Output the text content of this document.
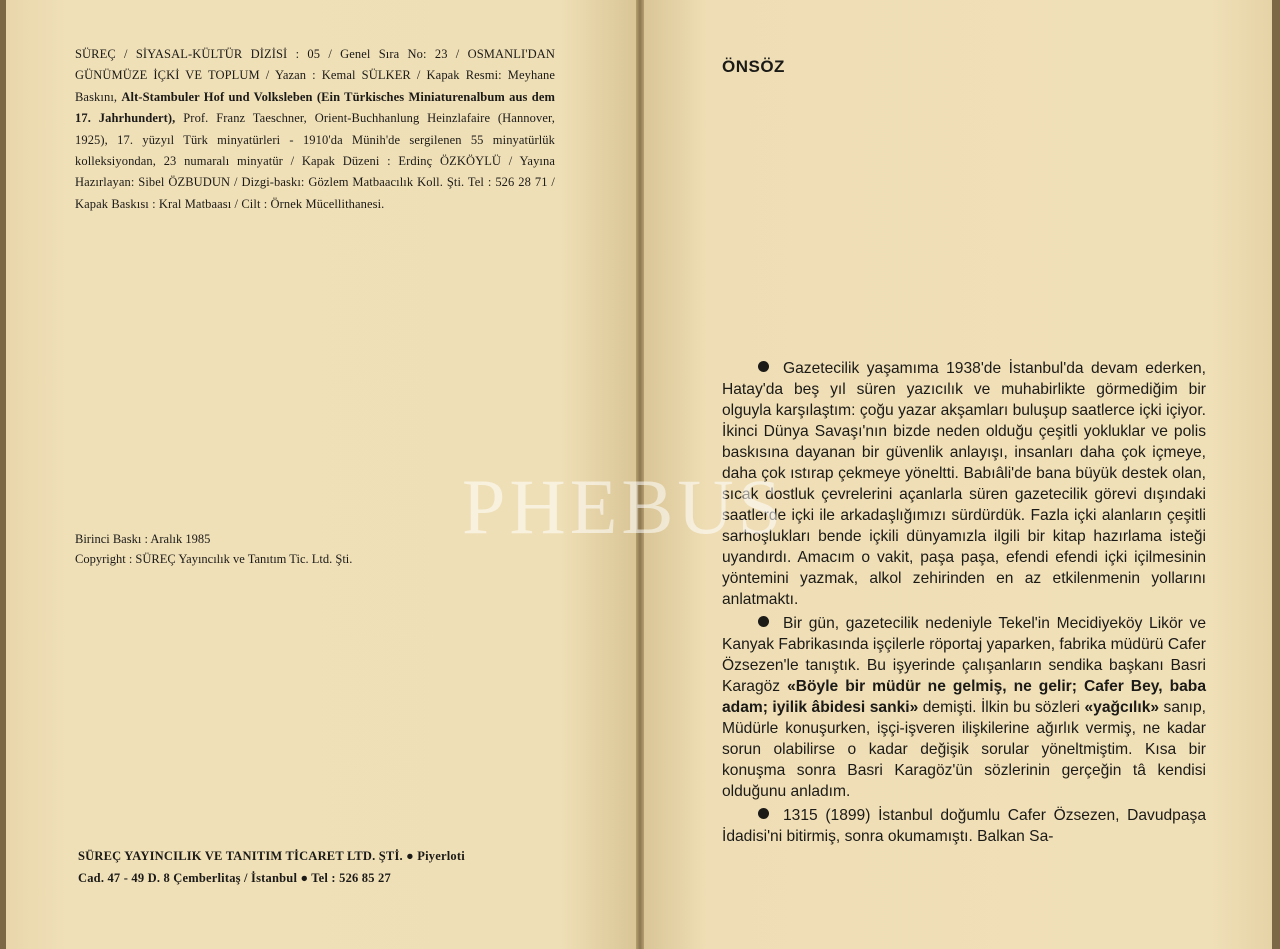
SÜREÇ / SİYASAL-KÜLTÜR DİZİSİ : 05 / Genel Sıra No: 23 / OSMANLI'DAN GÜNÜMÜZE İÇKİ VE TOPLUM / Yazan : Kemal SÜLKER / Kapak Resmi: Meyhane Baskını, Alt-Stambuler Hof und Volksleben (Ein Türkisches Miniaturenalbum aus dem 17. Jahrhundert), Prof. Franz Taeschner, Orient-Buchhanlung Heinzlafaire (Hannover, 1925), 17. yüzyıl Türk minyatürleri - 1910'da Münih'de sergilenen 55 minyatürlük kolleksiyondan, 23 numaralı minyatür / Kapak Düzeni : Erdinç ÖZKÖYLÜ / Yayına Hazırlayan: Sibel ÖZBUDUN / Dizgi-baskı: Gözlem Matbaacılık Koll. Şti. Tel : 526 28 71 / Kapak Baskısı : Kral Matbaası / Cilt : Örnek Mücellithanesi.
Birinci Baskı : Aralık 1985
Copyright : SÜREÇ Yayıncılık ve Tanıtım Tic. Ltd. Şti.
SÜREÇ YAYINCILIK VE TANITIM TİCARET LTD. ŞTİ. ● Piyerloti
Cad. 47 - 49 D. 8 Çemberlitaş / İstanbul ● Tel : 526 85 27
ÖNSÖZ

Gazetecilik yaşamıma 1938'de İstanbul'da devam ederken, Hatay'da beş yıl süren yazıcılık ve muhabirlikte görmediğim bir olguyla karşılaştım: çoğu yazar akşamları buluşup saatlerce içki içiyor. İkinci Dünya Savaşı'nın bizde neden olduğu çeşitli yokluklar ve polis baskısına dayanan bir güvenlik anlayışı, insanları daha çok içmeye, daha çok ıstırap çekmeye yöneltti. Babıâli'de bana büyük destek olan, sıcak dostluk çevrelerini açanlarla süren gazetecilik görevi dışındaki saatlerde içki ile arkadaşlığımızı sürdürdük. Fazla içki alanların çeşitli sarhoşlukları bende içkili dünyamızla ilgili bir kitap hazırlama isteği uyandırdı. Amacım o vakit, paşa paşa, efendi efendi içki içilmesinin yöntemini yazmak, alkol zehirinden en az etkilenmenin yollarını anlatmaktı.

Bir gün, gazetecilik nedeniyle Tekel'in Mecidiyeköy Likör ve Kanyak Fabrikasında işçilerle röportaj yaparken, fabrika müdürü Cafer Özsezen'le tanıştık. Bu işyerinde çalışanların sendika başkanı Basri Karagöz «Böyle bir müdür ne gelmiş, ne gelir; Cafer Bey, baba adam; iyilik âbidesi sanki» demişti. İlkin bu sözleri «yağcılık» sanıp, Müdürle konuşurken, işçi-işveren ilişkilerine ağırlık vermiş, ne kadar sorun olabilirse o kadar değişik sorular yöneltmiştim. Kısa bir konuşma sonra Basri Karagöz'ün sözlerinin gerçeğin tâ kendisi olduğunu anladım.

1315 (1899) İstanbul doğumlu Cafer Özsezen, Davudpaşa İdadisi'ni bitirmiş, sonra okumamıştı. Balkan Sa-

PHEBUS
